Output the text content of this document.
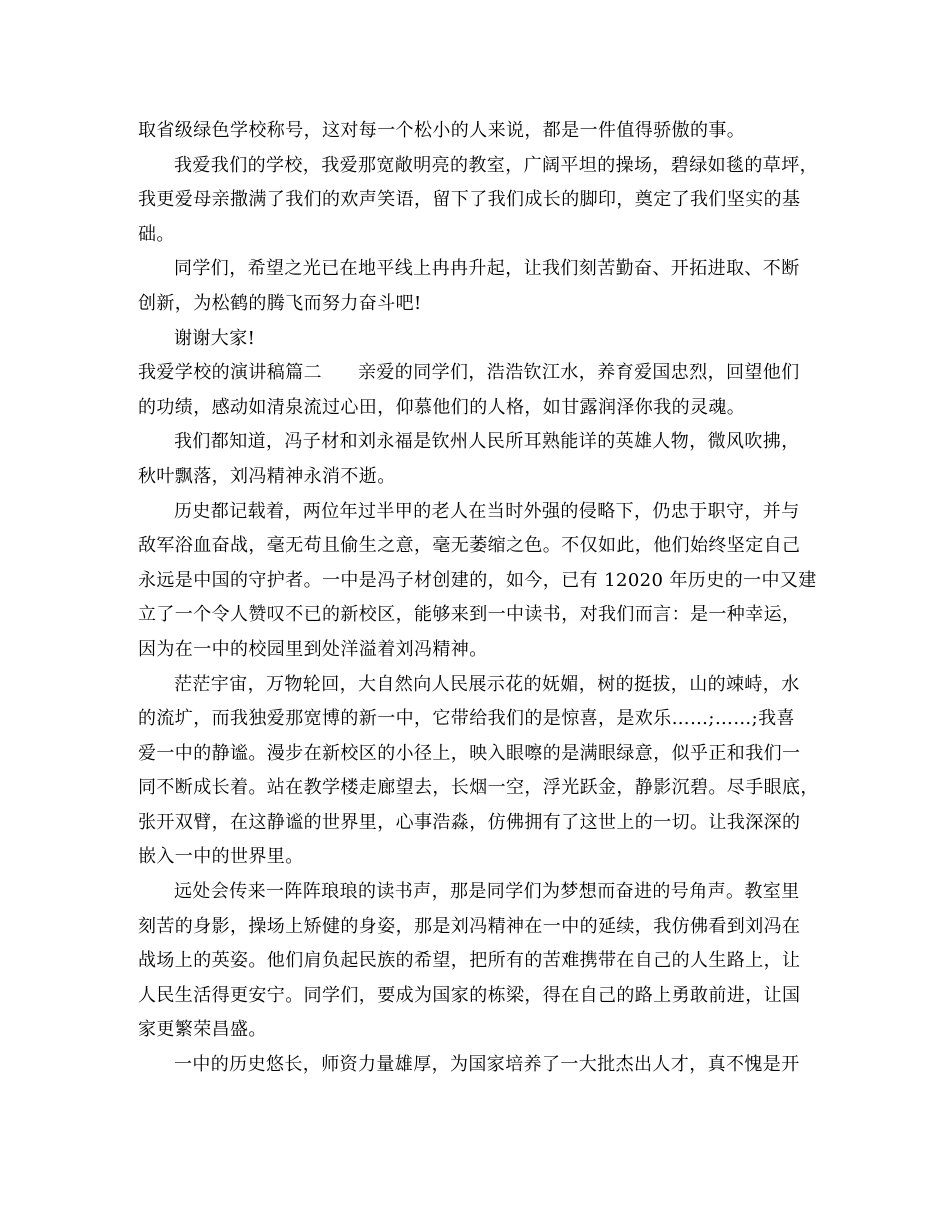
取省级绿色学校称号，这对每一个松小的人来说，都是一件值得骄傲的事。
我爱我们的学校，我爱那宽敞明亮的教室，广阔平坦的操场，碧绿如毯的草坪，
我更爱母亲撒满了我们的欢声笑语，留下了我们成长的脚印，奠定了我们坚实的基
础。
同学们，希望之光已在地平线上冉冉升起，让我们刻苦勤奋、开拓进取、不断
创新，为松鹤的腾飞而努力奋斗吧!
谢谢大家!
我爱学校的演讲稿篇二 亲爱的同学们，浩浩钦江水，养育爱国忠烈，回望他们
的功绩，感动如清泉流过心田，仰慕他们的人格，如甘露润泽你我的灵魂。
我们都知道，冯子材和刘永福是钦州人民所耳熟能详的英雄人物，微风吹拂，
秋叶飘落，刘冯精神永消不逝。
历史都记载着，两位年过半甲的老人在当时外强的侵略下，仍忠于职守，并与
敌军浴血奋战，毫无苟且偷生之意，毫无萎缩之色。不仅如此，他们始终坚定自己
永远是中国的守护者。一中是冯子材创建的，如今，已有 12020 年历史的一中又建
立了一个令人赞叹不已的新校区，能够来到一中读书，对我们而言：是一种幸运，
因为在一中的校园里到处洋溢着刘冯精神。
茫茫宇宙，万物轮回，大自然向人民展示花的妩媚，树的挺拔，山的竦峙，水
的流圹，而我独爱那宽博的新一中，它带给我们的是惊喜，是欢乐……;……;我喜
爱一中的静谧。漫步在新校区的小径上，映入眼嚓的是满眼绿意，似乎正和我们一
同不断成长着。站在教学楼走廊望去，长烟一空，浮光跃金，静影沉碧。尽手眼底，
张开双臂，在这静谧的世界里，心事浩淼，仿佛拥有了这世上的一切。让我深深的
嵌入一中的世界里。
远处会传来一阵阵琅琅的读书声，那是同学们为梦想而奋进的号角声。教室里
刻苦的身影，操场上矫健的身姿，那是刘冯精神在一中的延续，我仿佛看到刘冯在
战场上的英姿。他们肩负起民族的希望，把所有的苦难携带在自己的人生路上，让
人民生活得更安宁。同学们，要成为国家的栋梁，得在自己的路上勇敢前进，让国
家更繁荣昌盛。
一中的历史悠长，师资力量雄厚，为国家培养了一大批杰出人才，真不愧是开
